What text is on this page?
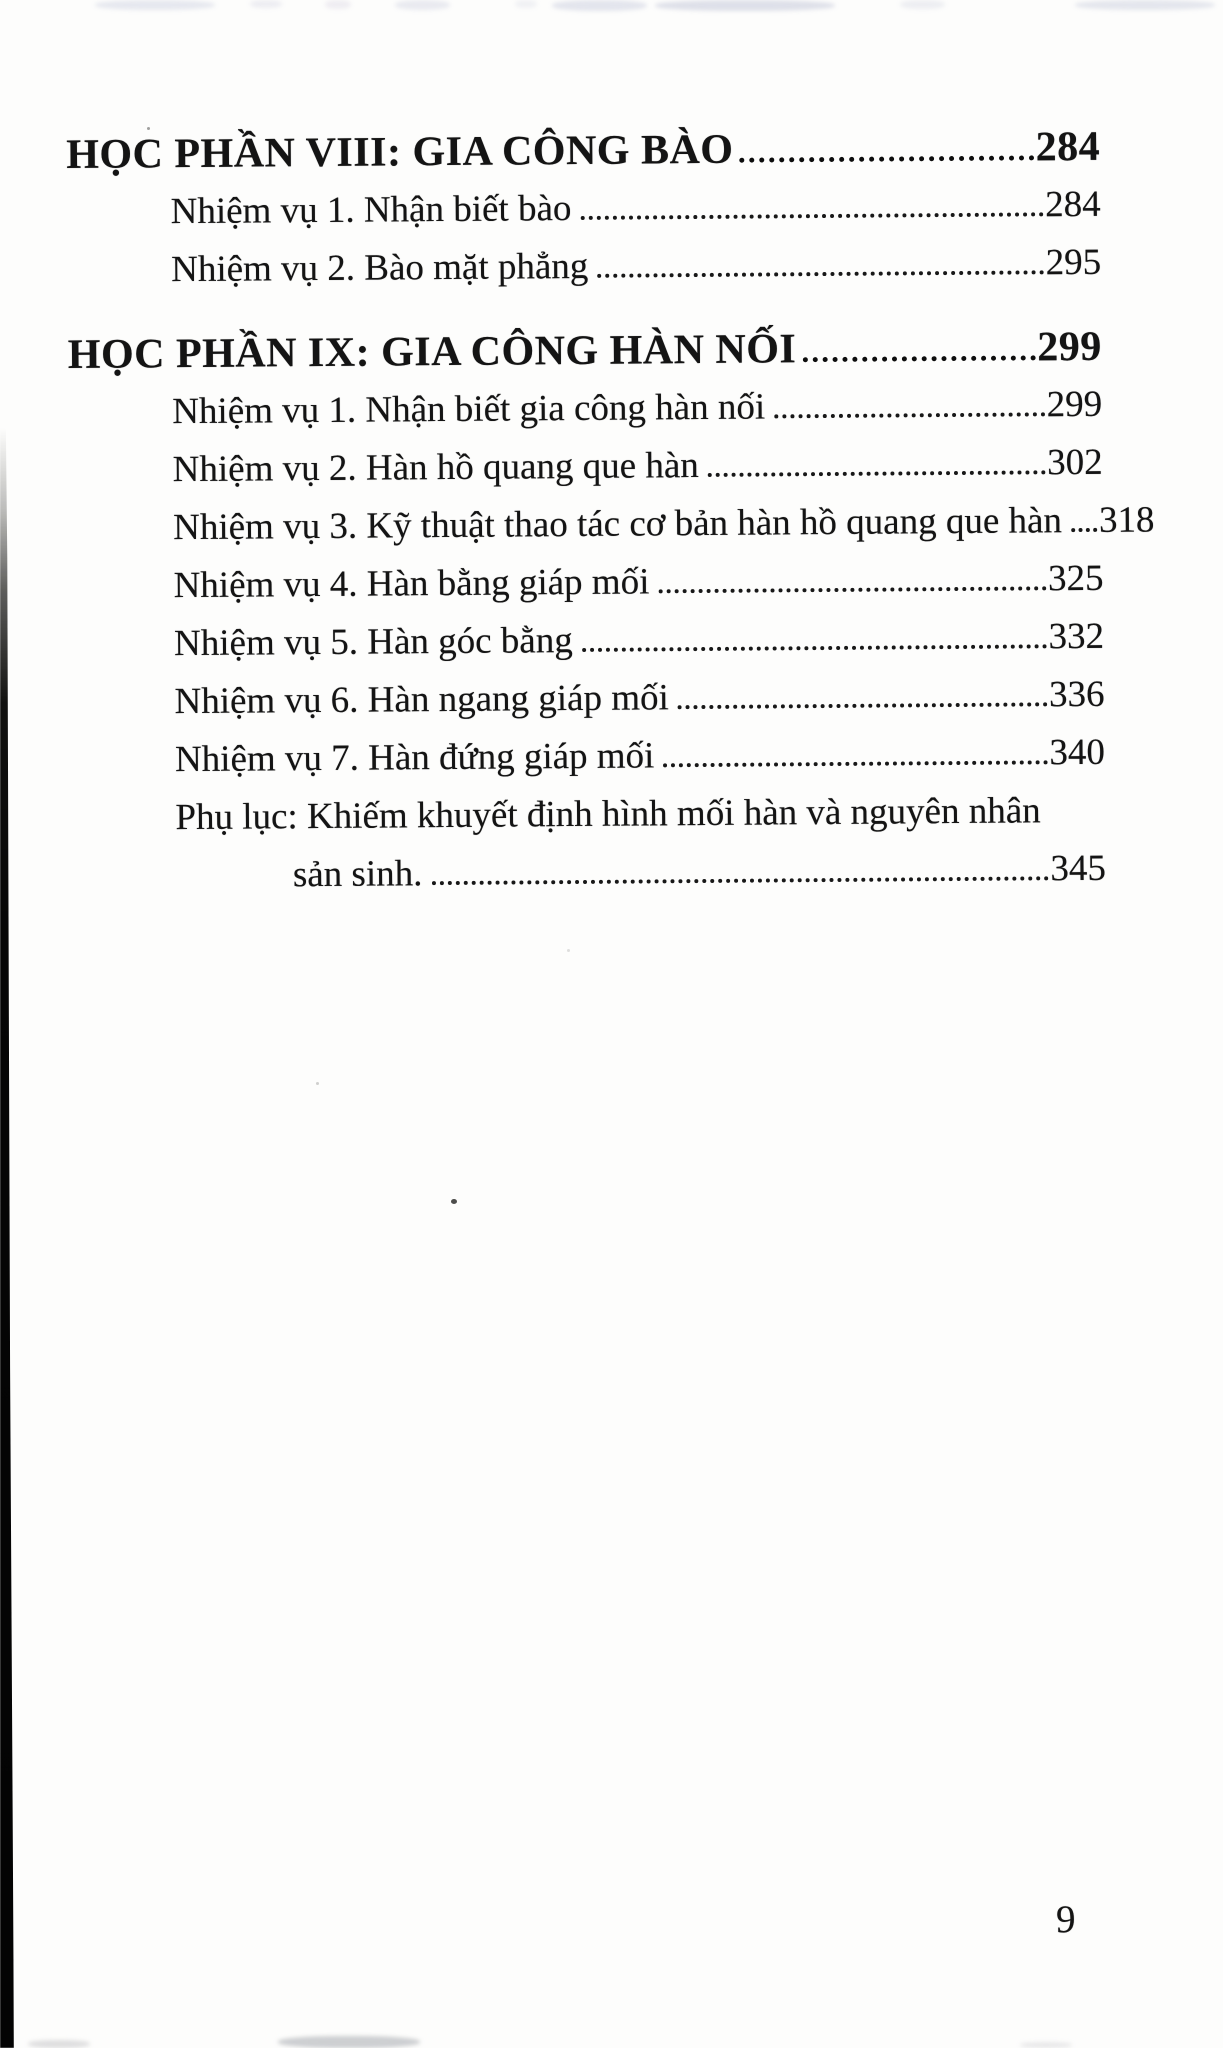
HỌC PHẦN VIII: GIA CÔNG BÀO	284
Nhiệm vụ 1. Nhận biết bào	284
Nhiệm vụ 2. Bào mặt phẳng	295
HỌC PHẦN IX: GIA CÔNG HÀN NỐI	299
Nhiệm vụ 1. Nhận biết gia công hàn nối	299
Nhiệm vụ 2. Hàn hồ quang que hàn	302
Nhiệm vụ 3. Kỹ thuật thao tác cơ bản hàn hồ quang que hàn 318
Nhiệm vụ 4. Hàn bằng giáp mối	325
Nhiệm vụ 5. Hàn góc bằng	332
Nhiệm vụ 6. Hàn ngang giáp mối	336
Nhiệm vụ 7. Hàn đứng giáp mối	340
Phụ lục: Khiếm khuyết định hình mối hàn và nguyên nhân
sản sinh.	345
9
